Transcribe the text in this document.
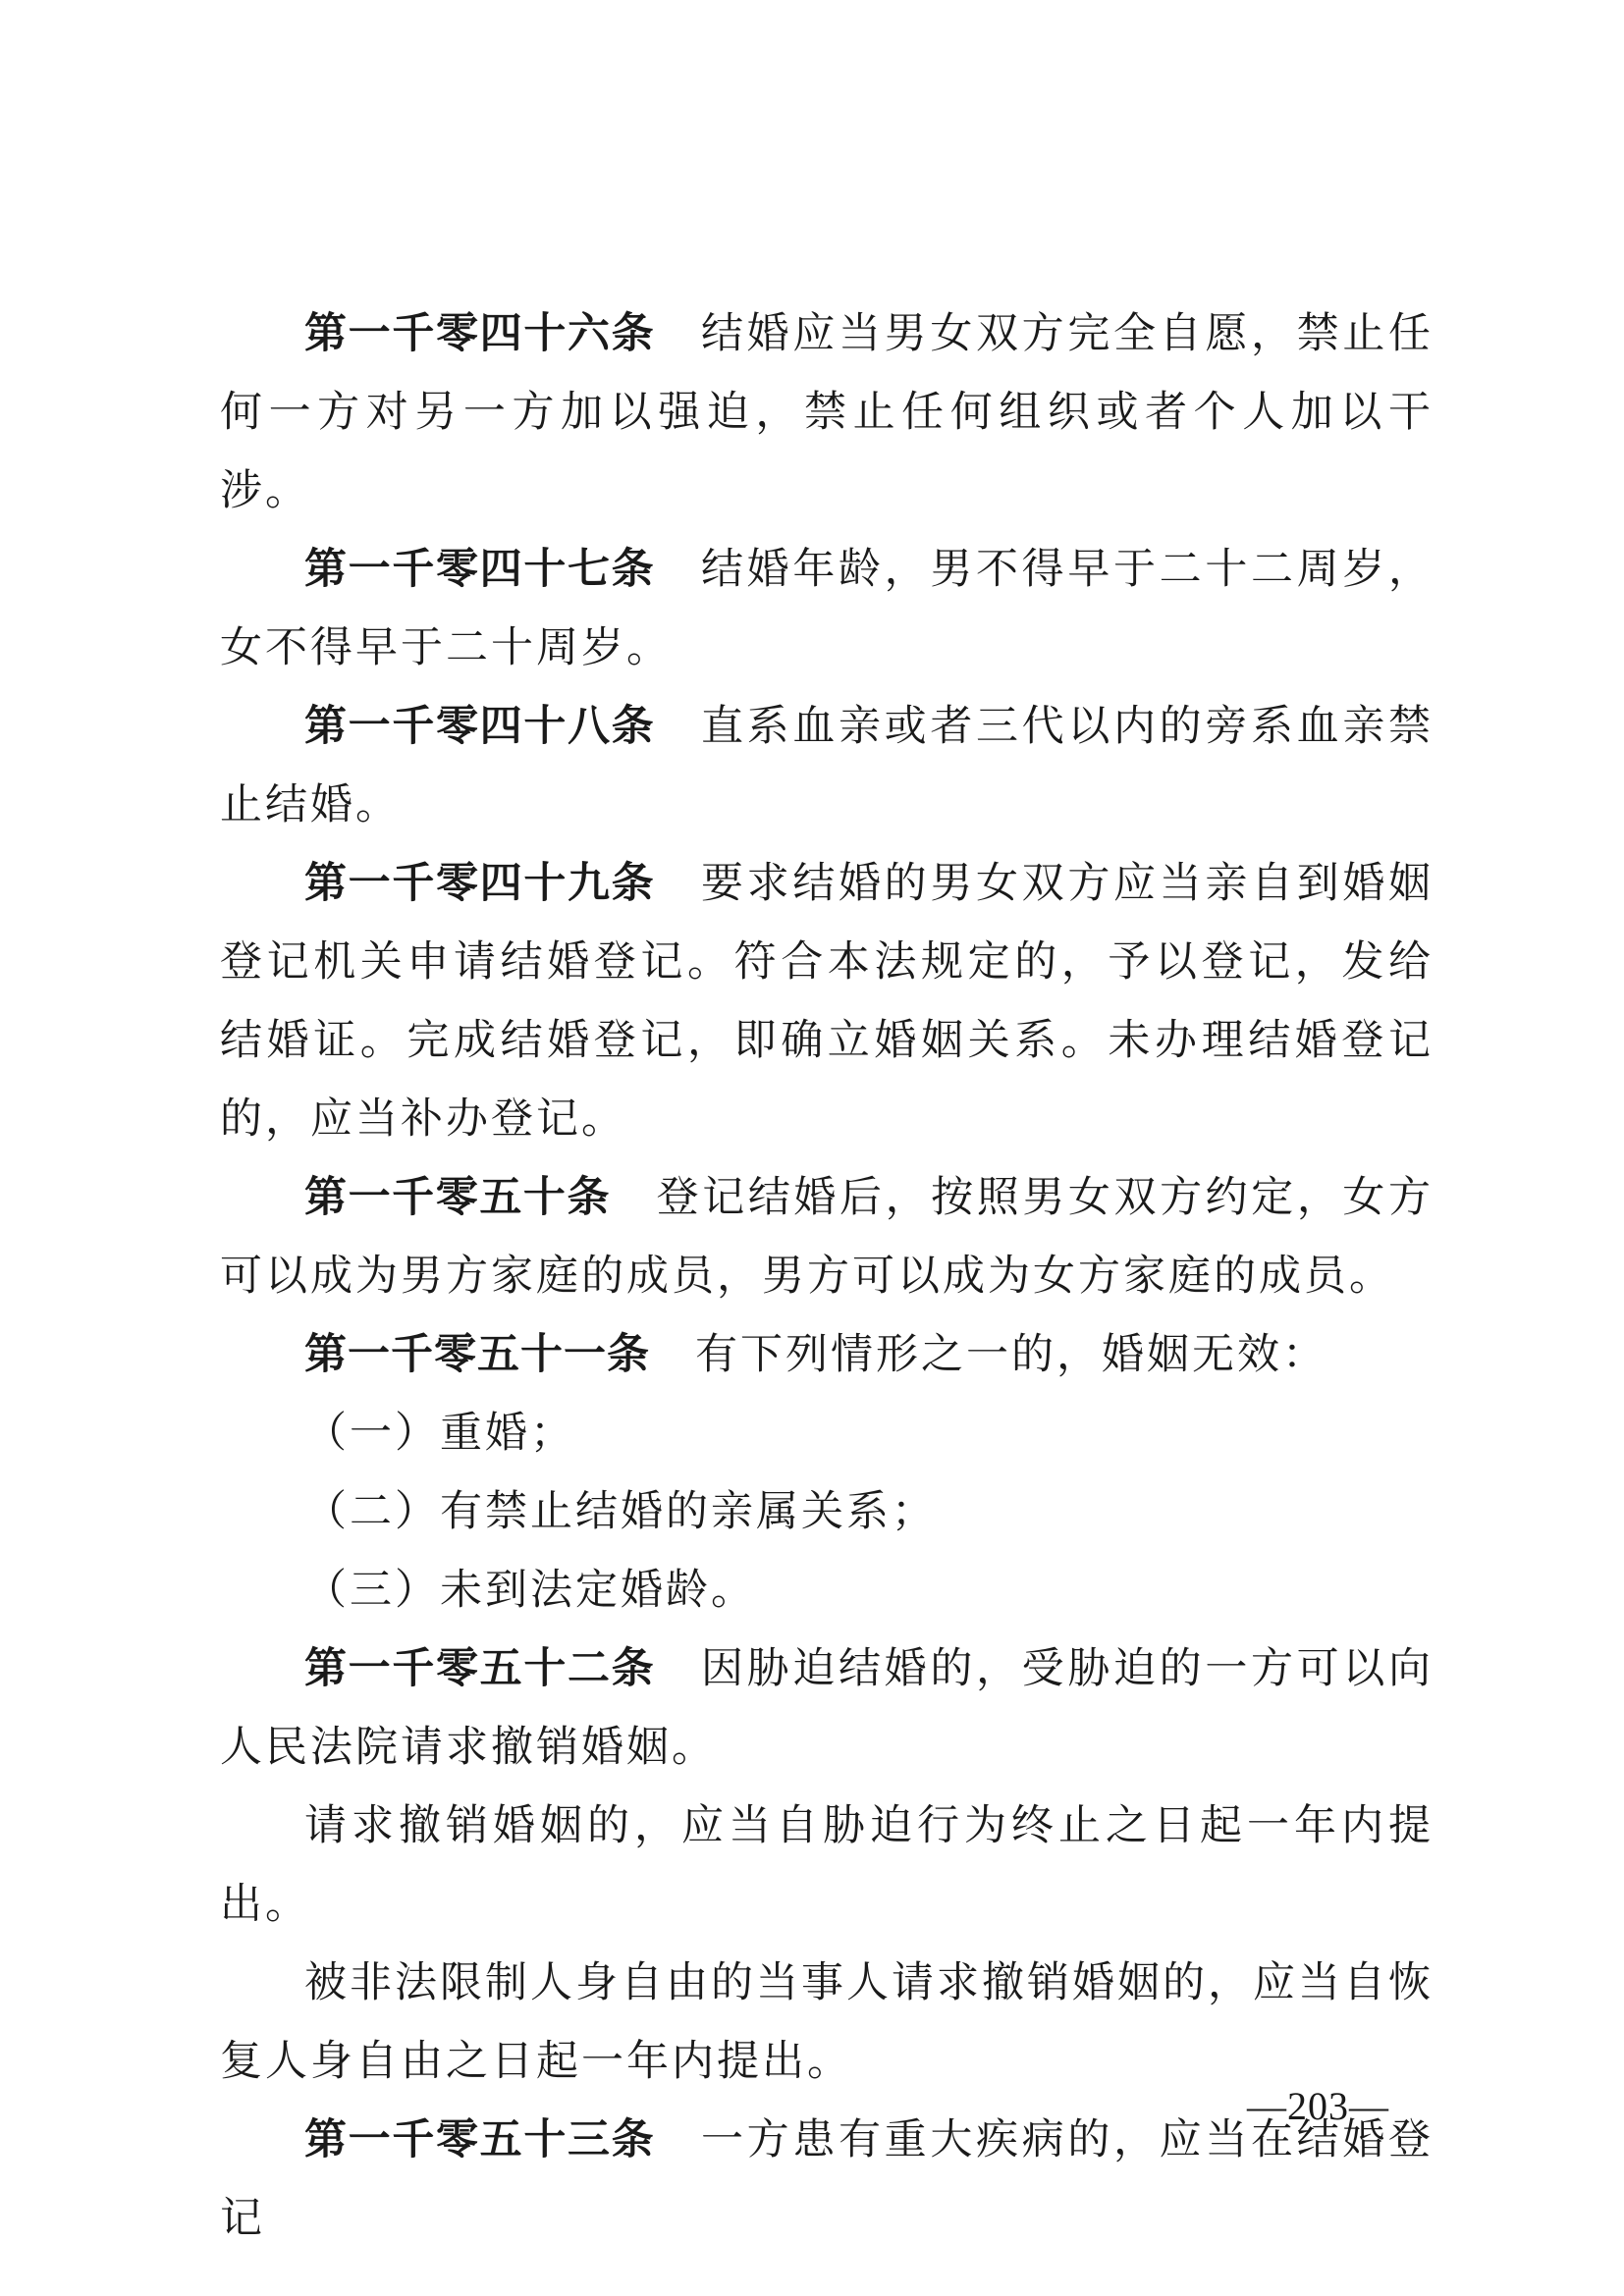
第一千零四十六条 结婚应当男女双方完全自愿，禁止任何一方对另一方加以强迫，禁止任何组织或者个人加以干涉。

第一千零四十七条 结婚年龄，男不得早于二十二周岁，女不得早于二十周岁。

第一千零四十八条 直系血亲或者三代以内的旁系血亲禁止结婚。

第一千零四十九条 要求结婚的男女双方应当亲自到婚姻登记机关申请结婚登记。符合本法规定的，予以登记，发给结婚证。完成结婚登记，即确立婚姻关系。未办理结婚登记的，应当补办登记。

第一千零五十条 登记结婚后，按照男女双方约定，女方可以成为男方家庭的成员，男方可以成为女方家庭的成员。

第一千零五十一条 有下列情形之一的，婚姻无效：

（一）重婚；

（二）有禁止结婚的亲属关系；

（三）未到法定婚龄。

第一千零五十二条 因胁迫结婚的，受胁迫的一方可以向人民法院请求撤销婚姻。

请求撤销婚姻的，应当自胁迫行为终止之日起一年内提出。

被非法限制人身自由的当事人请求撤销婚姻的，应当自恢复人身自由之日起一年内提出。

第一千零五十三条 一方患有重大疾病的，应当在结婚登记

—203—
